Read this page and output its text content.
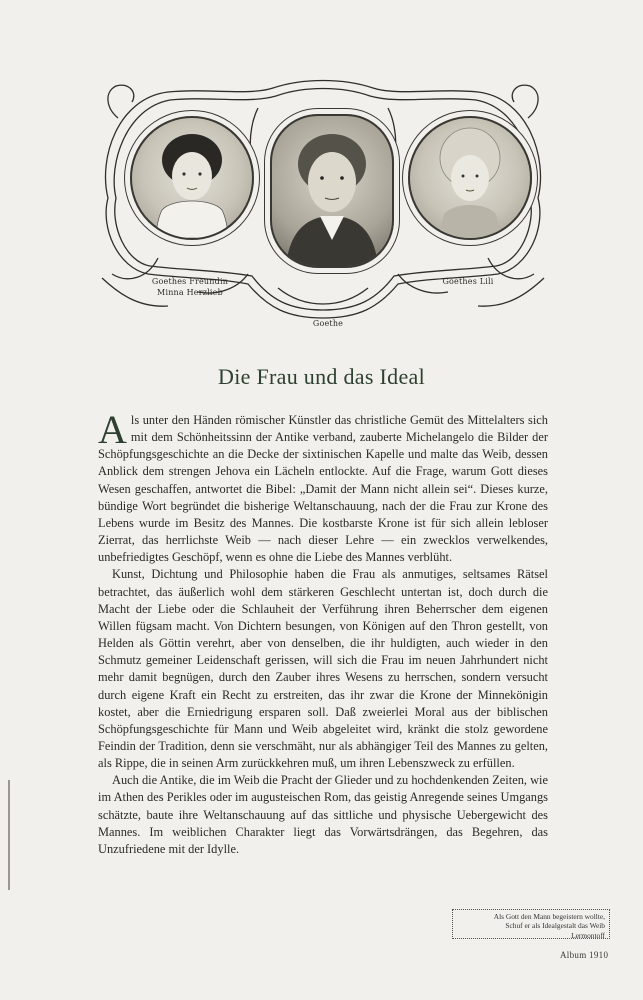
Goethes Freundin
Minna Herzlieb
Goethes Lili
Goethe
Die Frau und das Ideal

Als unter den Händen römischer Künstler das christliche Gemüt des Mittelalters sich mit dem Schönheitssinn der Antike verband, zauberte Michelangelo die Bilder der Schöpfungsgeschichte an die Decke der sixtinischen Kapelle und malte das Weib, dessen Anblick dem strengen Jehova ein Lächeln entlockte. Auf die Frage, warum Gott dieses Wesen geschaffen, antwortet die Bibel: „Damit der Mann nicht allein sei“. Dieses kurze, bündige Wort begründet die bisherige Weltanschauung, nach der die Frau zur Krone des Lebens wurde im Besitz des Mannes. Die kostbarste Krone ist für sich allein lebloser Zierrat, das herrlichste Weib — nach dieser Lehre — ein zwecklos verwelkendes, unbefriedigtes Geschöpf, wenn es ohne die Liebe des Mannes verblüht.

Kunst, Dichtung und Philosophie haben die Frau als anmutiges, seltsames Rätsel betrachtet, das äußerlich wohl dem stärkeren Geschlecht untertan ist, doch durch die Macht der Liebe oder die Schlauheit der Verführung ihren Beherrscher dem eigenen Willen fügsam macht. Von Dichtern besungen, von Königen auf den Thron gestellt, von Helden als Göttin verehrt, aber von denselben, die ihr huldigten, auch wieder in den Schmutz gemeiner Leidenschaft gerissen, will sich die Frau im neuen Jahrhundert nicht mehr damit begnügen, durch den Zauber ihres Wesens zu herrschen, sondern versucht durch eigene Kraft ein Recht zu erstreiten, das ihr zwar die Krone der Minnekönigin kostet, aber die Erniedrigung ersparen soll. Daß zweierlei Moral aus der biblischen Schöpfungsgeschichte für Mann und Weib abgeleitet wird, kränkt die stolz gewordene Feindin der Tradition, denn sie verschmäht, nur als abhängiger Teil des Mannes zu gelten, als Rippe, die in seinen Arm zurückkehren muß, um ihren Lebenszweck zu erfüllen.

Auch die Antike, die im Weib die Pracht der Glieder und zu hochdenkenden Zeiten, wie im Athen des Perikles oder im augusteischen Rom, das geistig Anregende seines Umgangs schätzte, baute ihre Weltanschauung auf das sittliche und physische Uebergewicht des Mannes. Im weiblichen Charakter liegt das Vorwärtsdrängen, das Begehren, das Unzufriedene mit der Idylle.

Als Gott den Mann begeistern wollte,
Schuf er als Idealgestalt das Weib
Lermontoff
Album 1910
